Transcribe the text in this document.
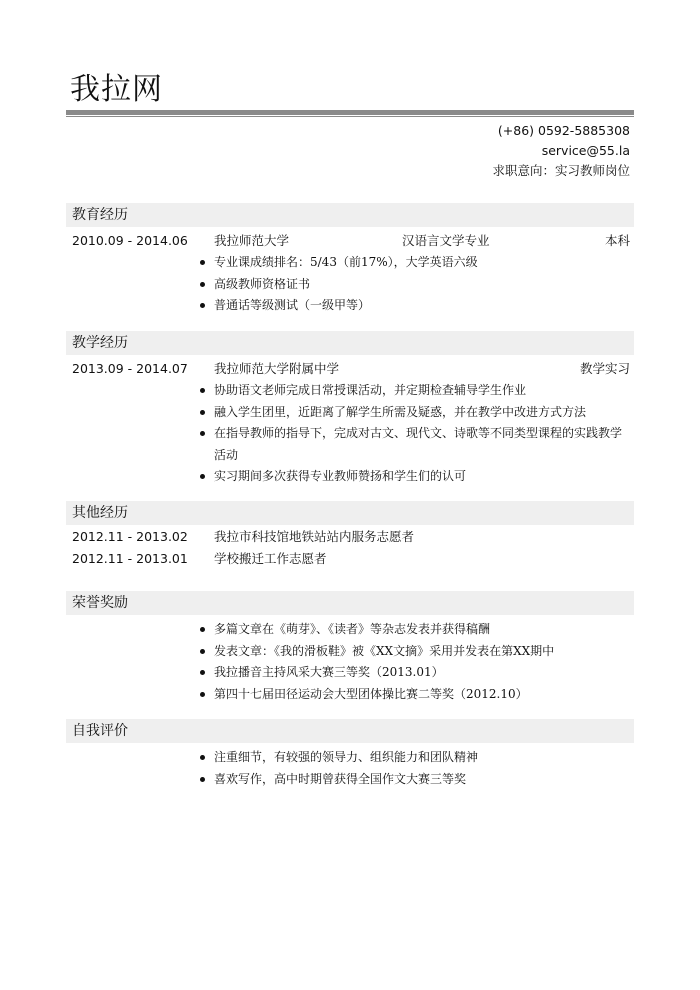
我拉网
(+86) 0592-5885308
service@55.la
求职意向：实习教师岗位
教育经历
2010.09 - 2014.06 我拉师范大学	汉语言文学专业	本科
专业课成绩排名：5/43（前17%），大学英语六级
高级教师资格证书
普通话等级测试（一级甲等）
教学经历
2013.09 - 2014.07 我拉师范大学附属中学	教学实习
协助语文老师完成日常授课活动，并定期检查辅导学生作业
融入学生团里，近距离了解学生所需及疑惑，并在教学中改进方式方法
在指导教师的指导下，完成对古文、现代文、诗歌等不同类型课程的实践教学活动
实习期间多次获得专业教师赞扬和学生们的认可
其他经历
2012.11 - 2013.02 我拉市科技馆地铁站站内服务志愿者
2012.11 - 2013.01 学校搬迁工作志愿者
荣誉奖励
多篇文章在《萌芽》、《读者》等杂志发表并获得稿酬
发表文章：《我的滑板鞋》被《XX文摘》采用并发表在第XX期中
我拉播音主持风采大赛三等奖（2013.01）
第四十七届田径运动会大型团体操比赛二等奖（2012.10）
自我评价
注重细节，有较强的领导力、组织能力和团队精神
喜欢写作，高中时期曾获得全国作文大赛三等奖
